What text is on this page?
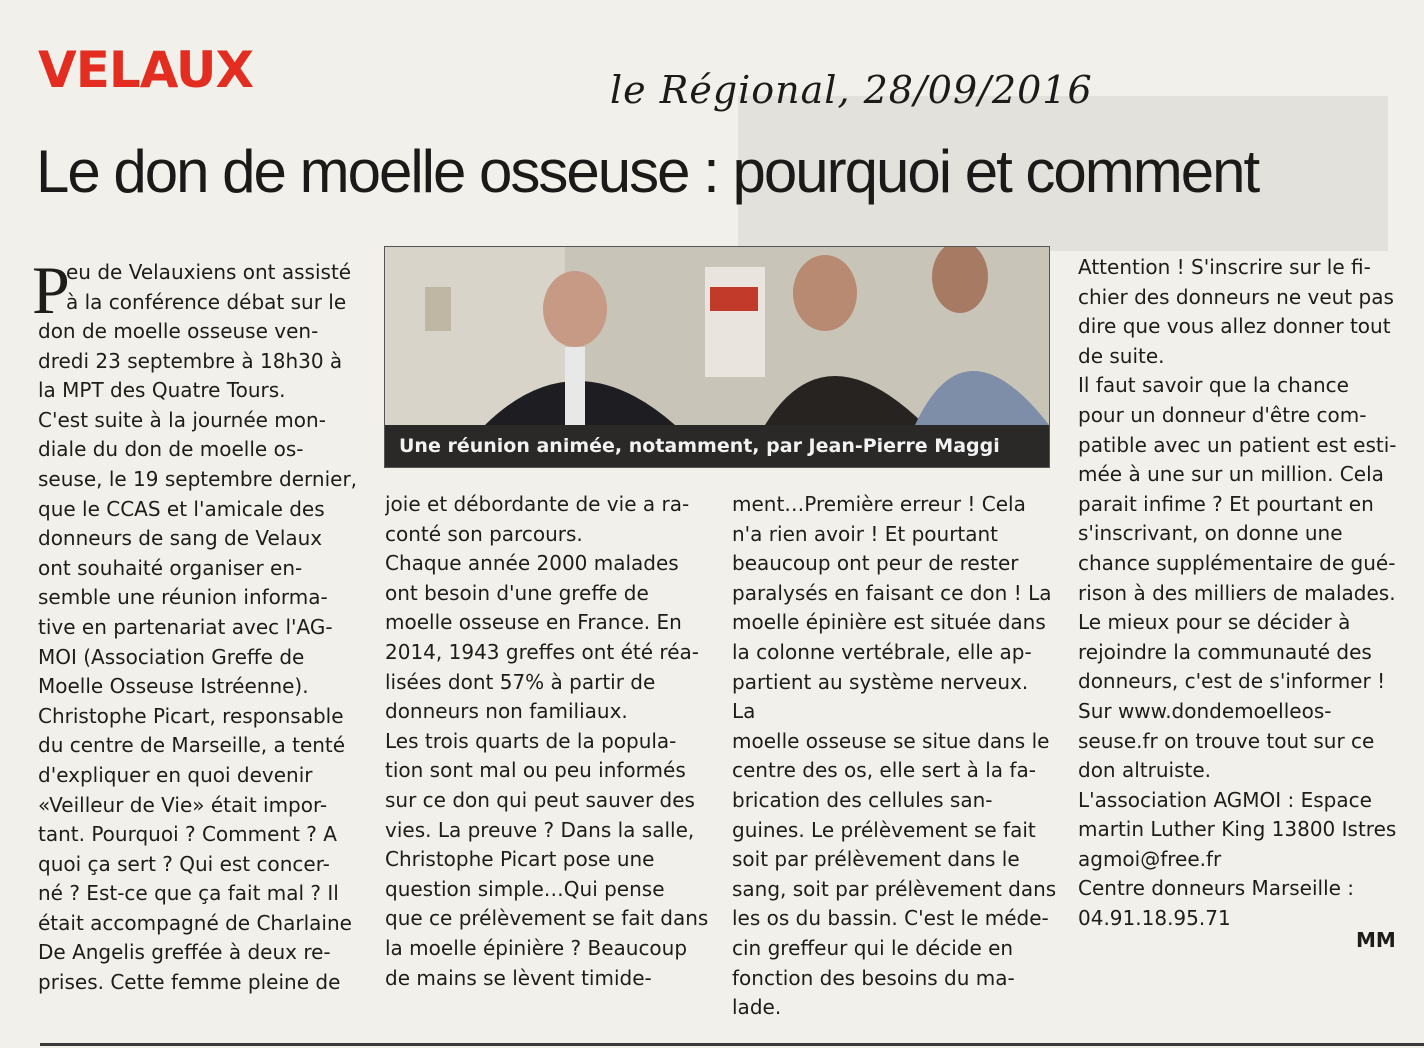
VELAUX	le Régional, 28/09/2016
Le don de moelle osseuse : pourquoi et comment
P
eu de Velauxiens ont assisté
à la conférence débat sur le
don de moelle osseuse ven-
dredi 23 septembre à 18h30 à
la MPT des Quatre Tours.
C'est suite à la journée mon-
diale du don de moelle os-
seuse, le 19 septembre dernier,
que le CCAS et l'amicale des
donneurs de sang de Velaux
ont souhaité organiser en-
semble une réunion informa-
tive en partenariat avec l'AG-
MOI (Association Greffe de
Moelle Osseuse Istréenne).
Christophe Picart, responsable
du centre de Marseille, a tenté
d'expliquer en quoi devenir
«Veilleur de Vie» était impor-
tant. Pourquoi ? Comment ? A
quoi ça sert ? Qui est concer-
né ? Est-ce que ça fait mal ? Il
était accompagné de Charlaine
De Angelis greffée à deux re-
prises. Cette femme pleine de
Une réunion animée, notamment, par Jean-Pierre Maggi
joie et débordante de vie a ra-
conté son parcours.
Chaque année 2000 malades
ont besoin d'une greffe de
moelle osseuse en France. En
2014, 1943 greffes ont été réa-
lisées dont 57% à partir de
donneurs non familiaux.
Les trois quarts de la popula-
tion sont mal ou peu informés
sur ce don qui peut sauver des
vies. La preuve ? Dans la salle,
Christophe Picart pose une
question simple…Qui pense
que ce prélèvement se fait dans
la moelle épinière ? Beaucoup
de mains se lèvent timide-
ment…Première erreur ! Cela
n'a rien avoir ! Et pourtant
beaucoup ont peur de rester
paralysés en faisant ce don ! La
moelle épinière est située dans
la colonne vertébrale, elle ap-
partient au système nerveux. La
moelle osseuse se situe dans le
centre des os, elle sert à la fa-
brication des cellules san-
guines. Le prélèvement se fait
soit par prélèvement dans le
sang, soit par prélèvement dans
les os du bassin. C'est le méde-
cin greffeur qui le décide en
fonction des besoins du ma-
lade.
Attention ! S'inscrire sur le fi-
chier des donneurs ne veut pas
dire que vous allez donner tout
de suite.
Il faut savoir que la chance
pour un donneur d'être com-
patible avec un patient est esti-
mée à une sur un million. Cela
parait infime ? Et pourtant en
s'inscrivant, on donne une
chance supplémentaire de gué-
rison à des milliers de malades.
Le mieux pour se décider à
rejoindre la communauté des
donneurs, c'est de s'informer !
Sur www.dondemoelleos-
seuse.fr on trouve tout sur ce
don altruiste.
L'association AGMOI : Espace
martin Luther King 13800 Istres
agmoi@free.fr
Centre donneurs Marseille :
04.91.18.95.71
MM
